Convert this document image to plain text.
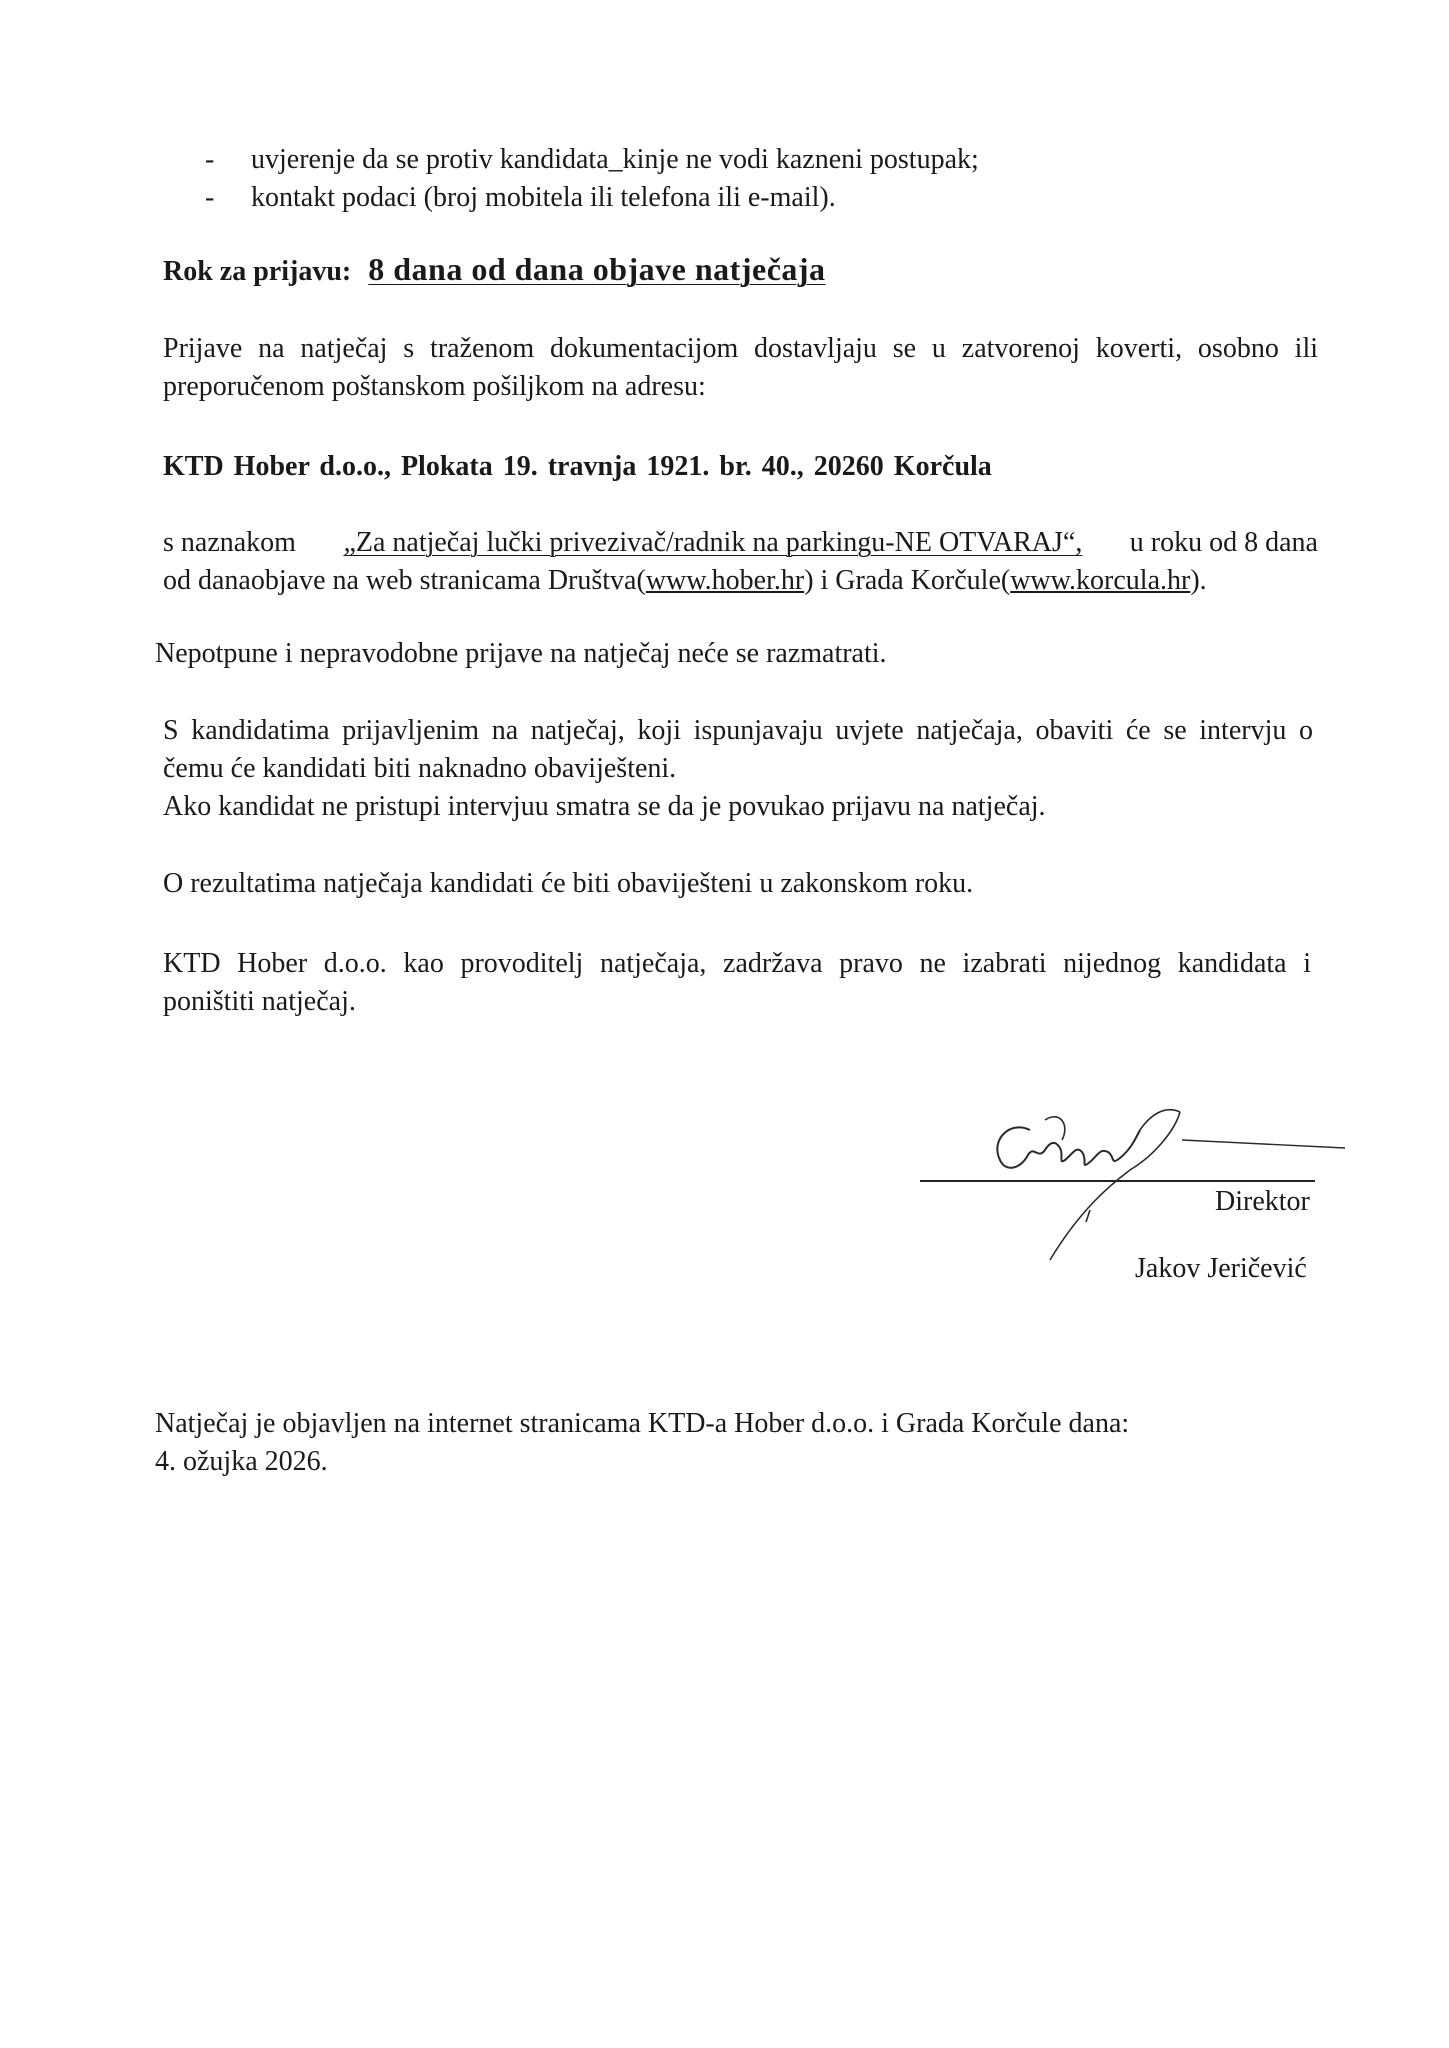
- uvjerenje da se protiv kandidata_kinje ne vodi kazneni postupak;
- kontakt podaci (broj mobitela ili telefona ili e-mail).
Rok za prijavu: 8 dana od dana objave natječaja
Prijave na natječaj s traženom dokumentacijom dostavljaju se u zatvorenoj koverti, osobno ili
preporučenom poštanskom pošiljkom na adresu:
KTD Hober d.o.o., Plokata 19. travnja 1921. br. 40., 20260 Korčula
s naznakom „Za natječaj lučki privezivač/radnik na parkingu-NE OTVARAJ“, u roku od 8 dana
od danaobjave na web stranicama Društva(www.hober.hr) i Grada Korčule(www.korcula.hr).
Nepotpune i nepravodobne prijave na natječaj neće se razmatrati.
S kandidatima prijavljenim na natječaj, koji ispunjavaju uvjete natječaja, obaviti će se intervju o
čemu će kandidati biti naknadno obaviješteni.
Ako kandidat ne pristupi intervjuu smatra se da je povukao prijavu na natječaj.
O rezultatima natječaja kandidati će biti obaviješteni u zakonskom roku.
KTD Hober d.o.o. kao provoditelj natječaja, zadržava pravo ne izabrati nijednog kandidata i
poništiti natječaj.
Direktor
Jakov Jeričević
Natječaj je objavljen na internet stranicama KTD-a Hober d.o.o. i Grada Korčule dana:
4. ožujka 2026.
